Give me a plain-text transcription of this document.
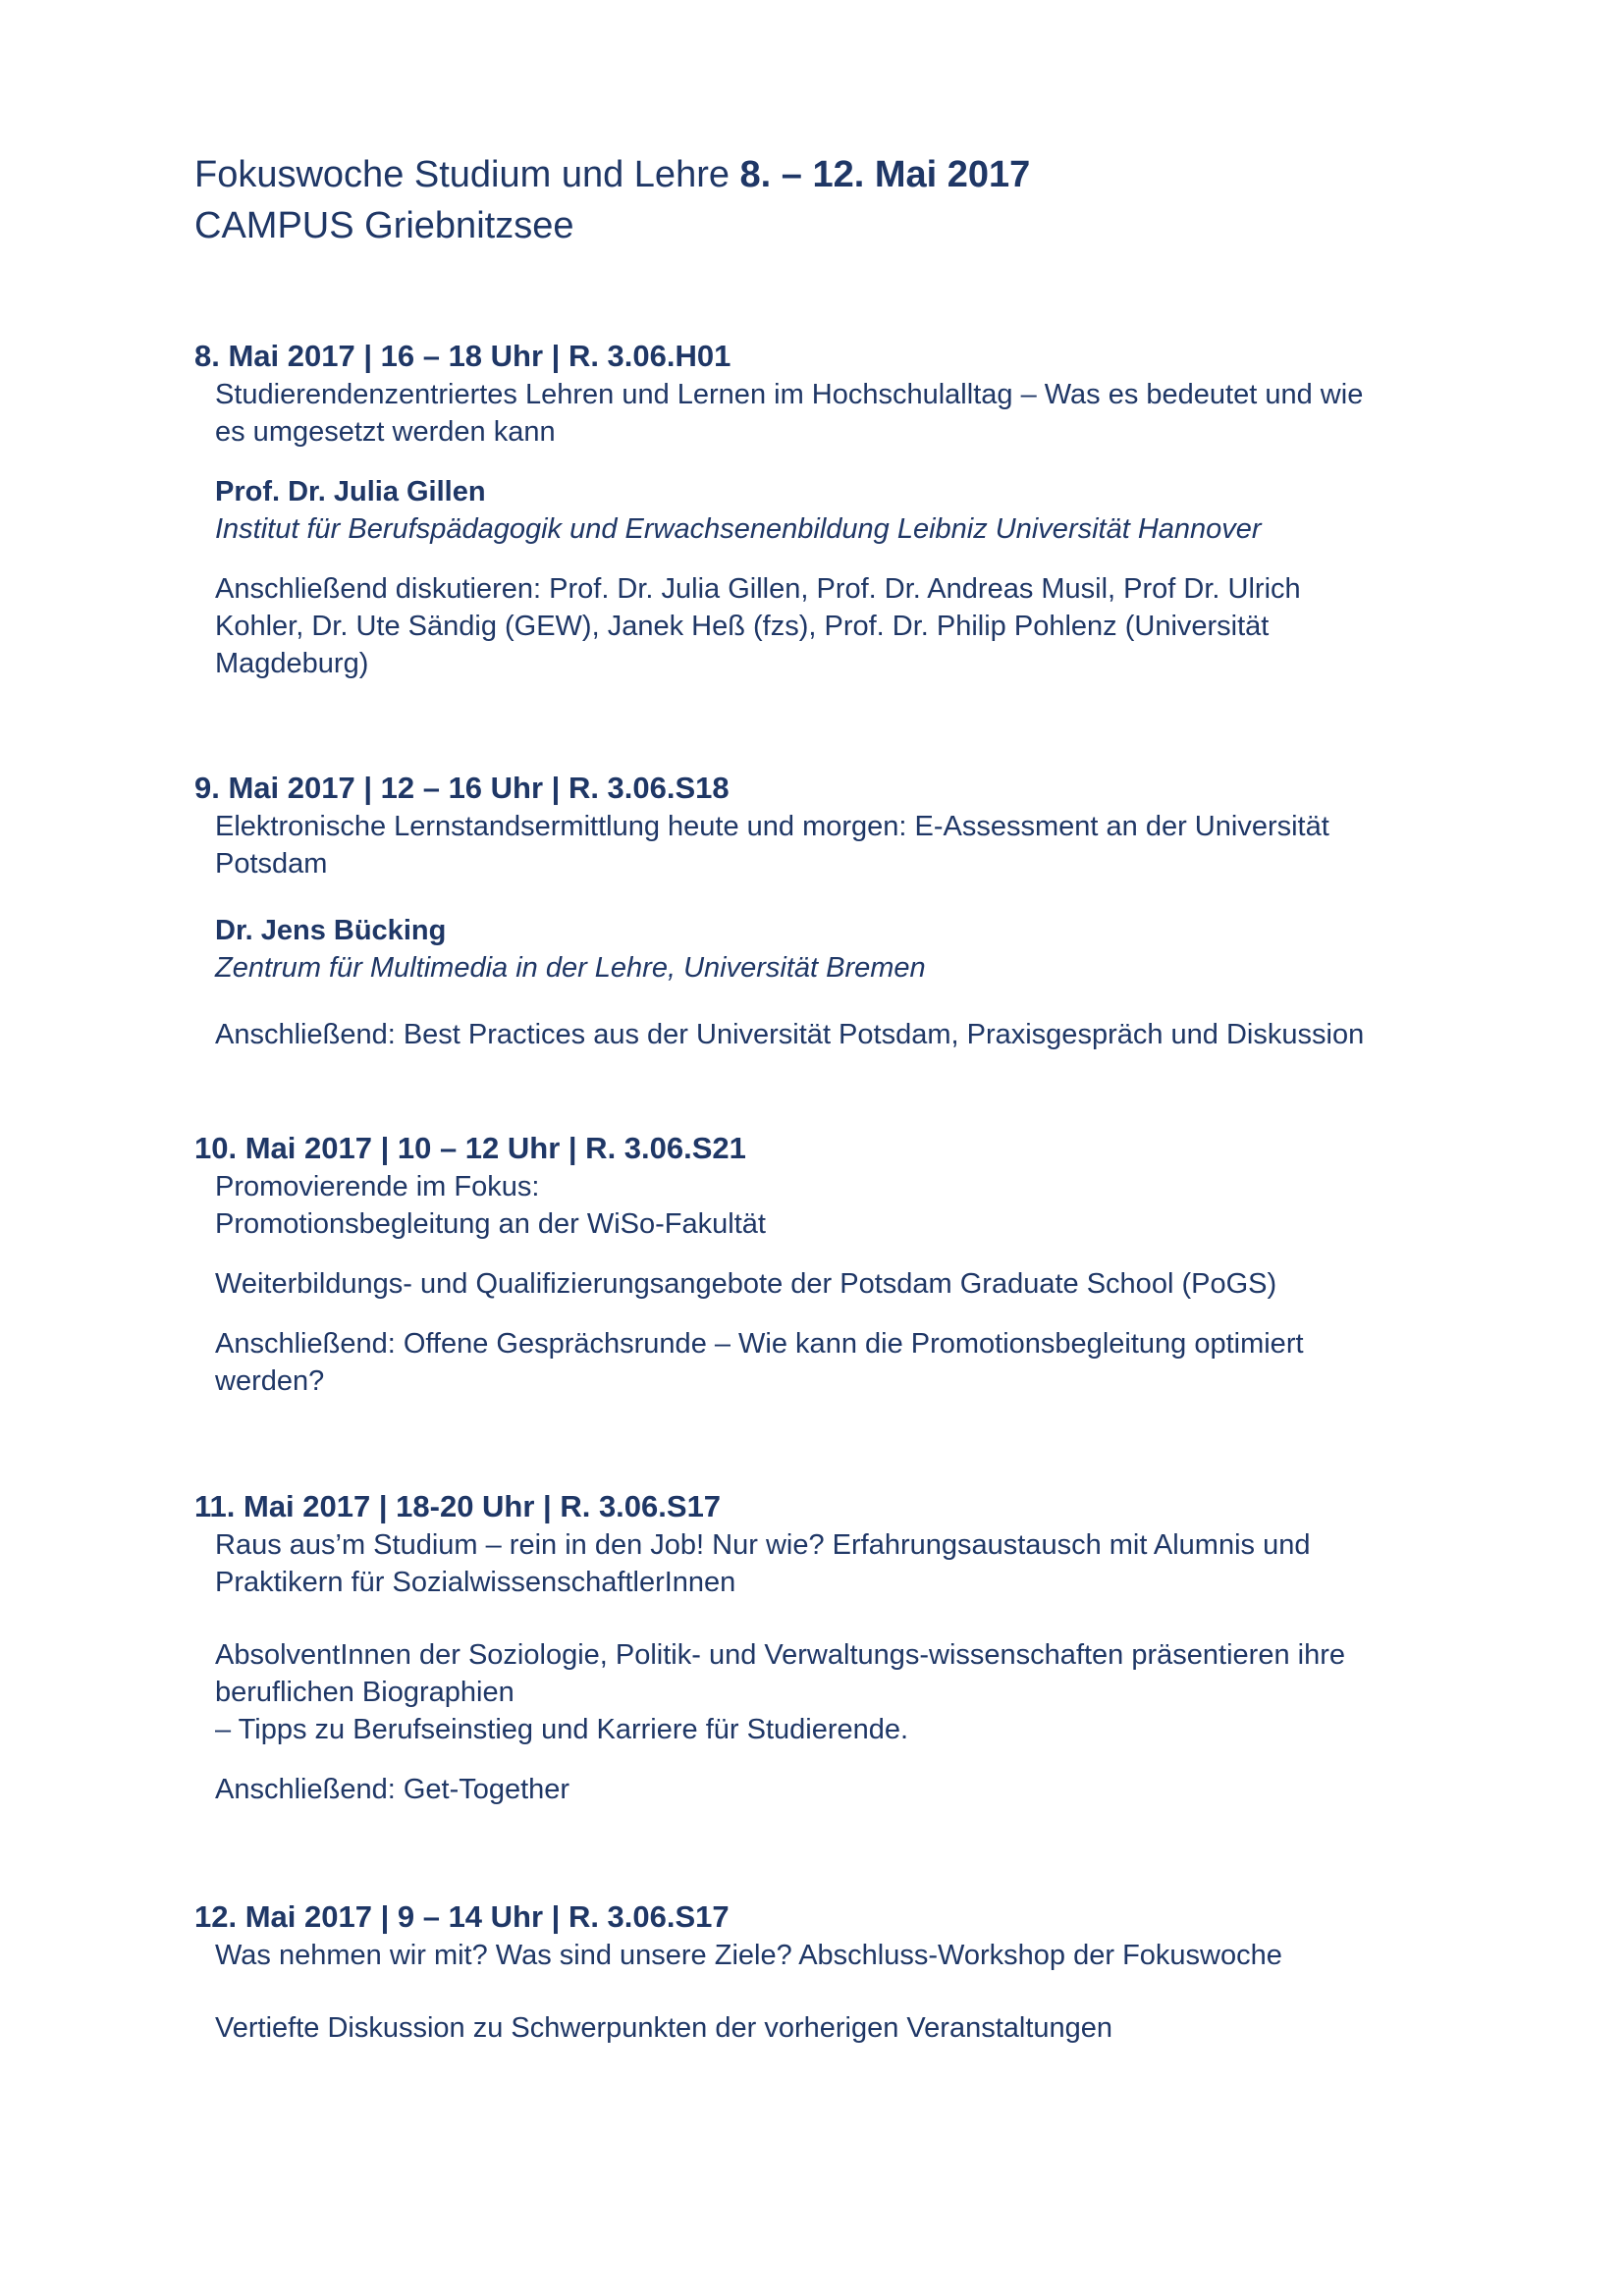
Fokuswoche Studium und Lehre 8. – 12. Mai 2017
CAMPUS Griebnitzsee
8. Mai 2017 | 16 – 18 Uhr | R. 3.06.H01
Studierendenzentriertes Lehren und Lernen im Hochschulalltag – Was es bedeutet und wie
es umgesetzt werden kann
Prof. Dr. Julia Gillen
Institut für Berufspädagogik und Erwachsenenbildung Leibniz Universität Hannover
Anschließend diskutieren: Prof. Dr. Julia Gillen, Prof. Dr. Andreas Musil, Prof Dr. Ulrich
Kohler, Dr. Ute Sändig (GEW), Janek Heß (fzs), Prof. Dr. Philip Pohlenz (Universität
Magdeburg)
9. Mai 2017 | 12 – 16 Uhr | R. 3.06.S18
Elektronische Lernstandsermittlung heute und morgen: E-Assessment an der Universität
Potsdam
Dr. Jens Bücking
Zentrum für Multimedia in der Lehre, Universität Bremen
Anschließend: Best Practices aus der Universität Potsdam, Praxisgespräch und Diskussion
10. Mai 2017 | 10 – 12 Uhr | R. 3.06.S21
Promovierende im Fokus:
Promotionsbegleitung an der WiSo-Fakultät
Weiterbildungs- und Qualifizierungsangebote der Potsdam Graduate School (PoGS)
Anschließend: Offene Gesprächsrunde – Wie kann die Promotionsbegleitung optimiert
werden?
11. Mai 2017 | 18-20 Uhr | R. 3.06.S17
Raus aus’m Studium – rein in den Job! Nur wie? Erfahrungsaustausch mit Alumnis und
Praktikern für SozialwissenschaftlerInnen
AbsolventInnen der Soziologie, Politik- und Verwaltungs-wissenschaften präsentieren ihre
beruflichen Biographien
– Tipps zu Berufseinstieg und Karriere für Studierende.
Anschließend: Get-Together
12. Mai 2017 | 9 – 14 Uhr | R. 3.06.S17
Was nehmen wir mit? Was sind unsere Ziele? Abschluss-Workshop der Fokuswoche
Vertiefte Diskussion zu Schwerpunkten der vorherigen Veranstaltungen
